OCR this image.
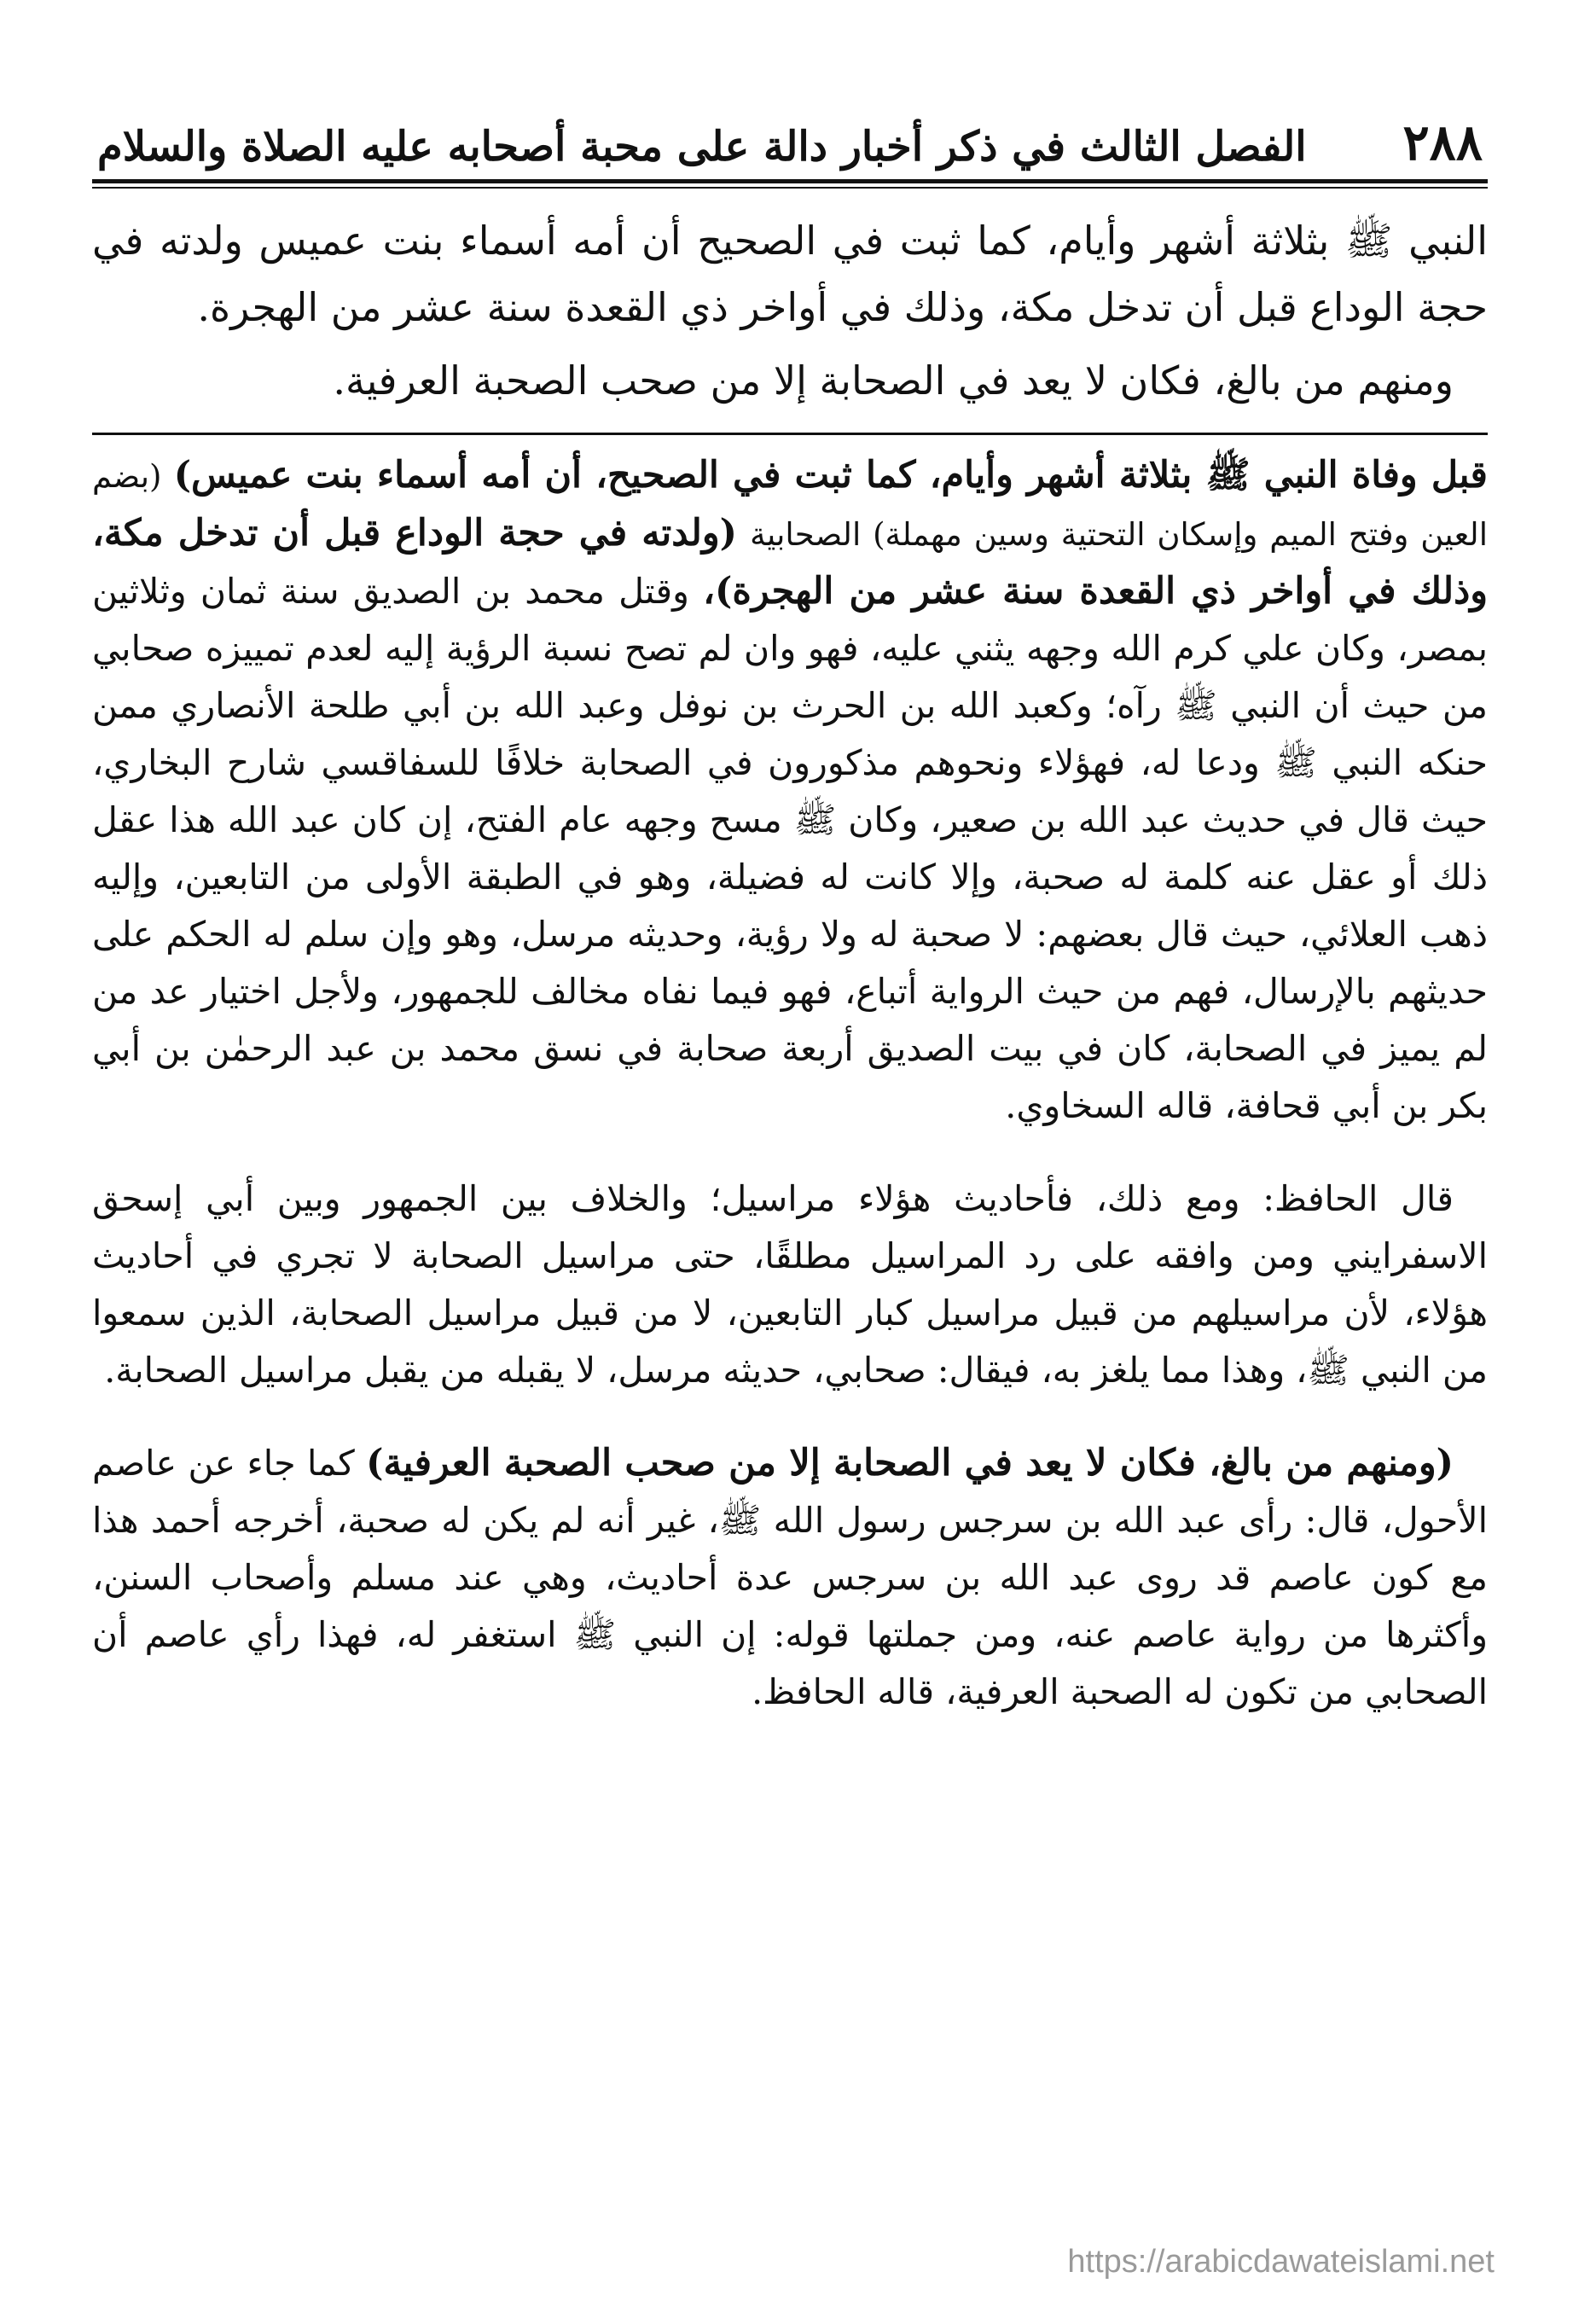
٢٨٨
الفصل الثالث في ذكر أخبار دالة على محبة أصحابه عليه الصلاة والسلام

النبي ﷺ بثلاثة أشهر وأيام، كما ثبت في الصحيح أن أمه أسماء بنت عميس ولدته في حجة الوداع قبل أن تدخل مكة، وذلك في أواخر ذي القعدة سنة عشر من الهجرة.

ومنهم من بالغ، فكان لا يعد في الصحابة إلا من صحب الصحبة العرفية.

قبل وفاة النبي ﷺ بثلاثة أشهر وأيام، كما ثبت في الصحيح، أن أمه أسماء بنت عميس) (بضم العين وفتح الميم وإسكان التحتية وسين مهملة) الصحابية (ولدته في حجة الوداع قبل أن تدخل مكة، وذلك في أواخر ذي القعدة سنة عشر من الهجرة)، وقتل محمد بن الصديق سنة ثمان وثلاثين بمصر، وكان علي كرم الله وجهه يثني عليه، فهو وان لم تصح نسبة الرؤية إليه لعدم تمييزه صحابي من حيث أن النبي ﷺ رآه؛ وكعبد الله بن الحرث بن نوفل وعبد الله بن أبي طلحة الأنصاري ممن حنكه النبي ﷺ ودعا له، فهؤلاء ونحوهم مذكورون في الصحابة خلافًا للسفاقسي شارح البخاري، حيث قال في حديث عبد الله بن صعير، وكان ﷺ مسح وجهه عام الفتح، إن كان عبد الله هذا عقل ذلك أو عقل عنه كلمة له صحبة، وإلا كانت له فضيلة، وهو في الطبقة الأولى من التابعين، وإليه ذهب العلائي، حيث قال بعضهم: لا صحبة له ولا رؤية، وحديثه مرسل، وهو وإن سلم له الحكم على حديثهم بالإرسال، فهم من حيث الرواية أتباع، فهو فيما نفاه مخالف للجمهور، ولأجل اختيار عد من لم يميز في الصحابة، كان في بيت الصديق أربعة صحابة في نسق محمد بن عبد الرحمٰن بن أبي بكر بن أبي قحافة، قاله السخاوي.

قال الحافظ: ومع ذلك، فأحاديث هؤلاء مراسيل؛ والخلاف بين الجمهور وبين أبي إسحق الاسفرايني ومن وافقه على رد المراسيل مطلقًا، حتى مراسيل الصحابة لا تجري في أحاديث هؤلاء، لأن مراسيلهم من قبيل مراسيل كبار التابعين، لا من قبيل مراسيل الصحابة، الذين سمعوا من النبي ﷺ، وهذا مما يلغز به، فيقال: صحابي، حديثه مرسل، لا يقبله من يقبل مراسيل الصحابة.

(ومنهم من بالغ، فكان لا يعد في الصحابة إلا من صحب الصحبة العرفية) كما جاء عن عاصم الأحول، قال: رأى عبد الله بن سرجس رسول الله ﷺ، غير أنه لم يكن له صحبة، أخرجه أحمد هذا مع كون عاصم قد روى عبد الله بن سرجس عدة أحاديث، وهي عند مسلم وأصحاب السنن، وأكثرها من رواية عاصم عنه، ومن جملتها قوله: إن النبي ﷺ استغفر له، فهذا رأي عاصم أن الصحابي من تكون له الصحبة العرفية، قاله الحافظ.

https://arabicdawateislami.net
